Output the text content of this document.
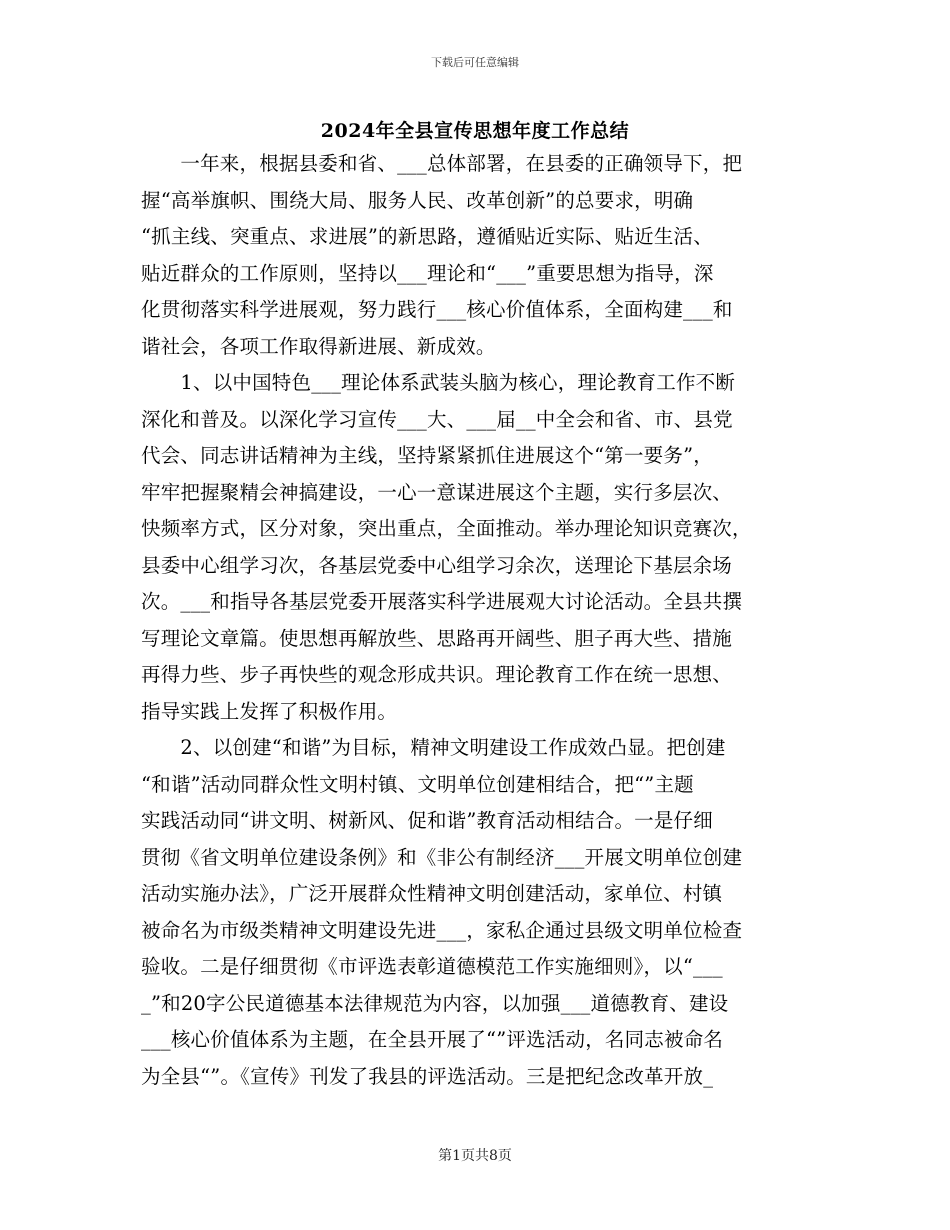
下载后可任意编辑
2024年全县宣传思想年度工作总结
　　一年来，根据县委和省、___总体部署，在县委的正确领导下，把
握“高举旗帜、围绕大局、服务人民、改革创新”的总要求，明确
“抓主线、突重点、求进展”的新思路，遵循贴近实际、贴近生活、
贴近群众的工作原则，坚持以___理论和“___”重要思想为指导，深
化贯彻落实科学进展观，努力践行___核心价值体系，全面构建___和
谐社会，各项工作取得新进展、新成效。
　　1、以中国特色___理论体系武装头脑为核心，理论教育工作不断
深化和普及。以深化学习宣传___大、___届__中全会和省、市、县党
代会、同志讲话精神为主线，坚持紧紧抓住进展这个“第一要务”，
牢牢把握聚精会神搞建设，一心一意谋进展这个主题，实行多层次、
快频率方式，区分对象，突出重点，全面推动。举办理论知识竞赛次，
县委中心组学习次，各基层党委中心组学习余次，送理论下基层余场
次。___和指导各基层党委开展落实科学进展观大讨论活动。全县共撰
写理论文章篇。使思想再解放些、思路再开阔些、胆子再大些、措施
再得力些、步子再快些的观念形成共识。理论教育工作在统一思想、
指导实践上发挥了积极作用。
　　2、以创建“和谐”为目标，精神文明建设工作成效凸显。把创建
“和谐”活动同群众性文明村镇、文明单位创建相结合，把“”主题
实践活动同“讲文明、树新风、促和谐”教育活动相结合。一是仔细
贯彻《省文明单位建设条例》和《非公有制经济___开展文明单位创建
活动实施办法》，广泛开展群众性精神文明创建活动，家单位、村镇
被命名为市级类精神文明建设先进___，家私企通过县级文明单位检查
验收。二是仔细贯彻《市评选表彰道德模范工作实施细则》，以“___
_”和20字公民道德基本法律规范为内容，以加强___道德教育、建设
___核心价值体系为主题，在全县开展了“”评选活动，名同志被命名
为全县“”。《宣传》刊发了我县的评选活动。三是把纪念改革开放_
第1页共8页
